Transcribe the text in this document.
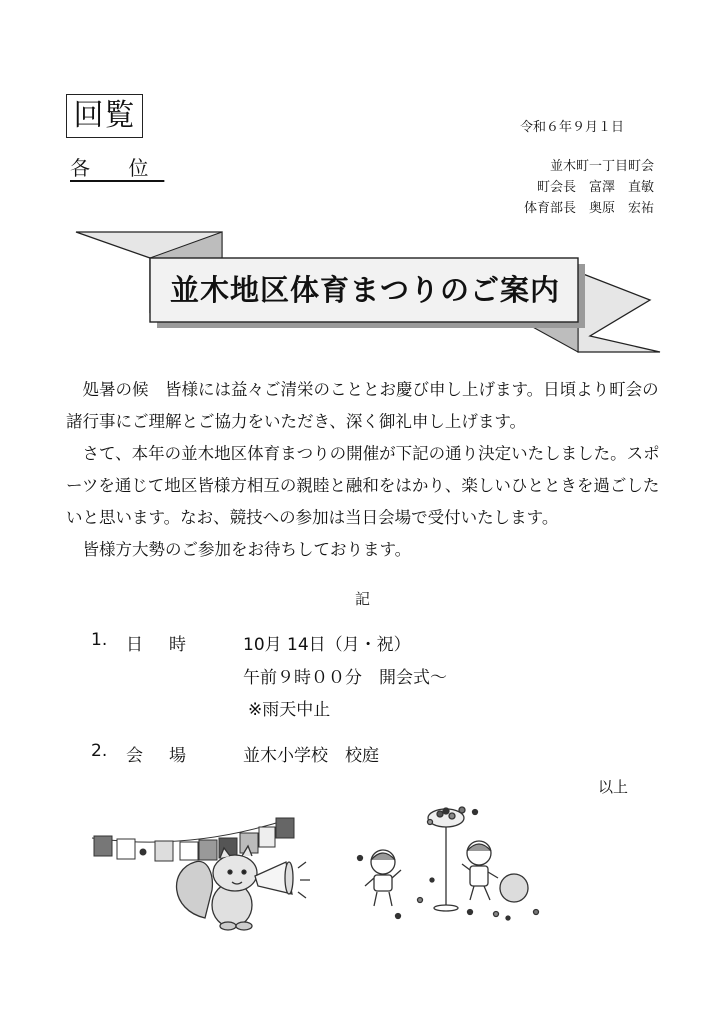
回覧
各 位
令和６年９月１日
並木町一丁目町会
町会長　富澤　直敏
体育部長　奥原　宏祐
並木地区体育まつりのご案内

処暑の候　皆様には益々ご清栄のこととお慶び申し上げます。日頃より町会の諸行事にご理解とご協力をいただき、深く御礼申し上げます。

さて、本年の並木地区体育まつりの開催が下記の通り決定いたしました。スポーツを通じて地区皆様方相互の親睦と融和をはかり、楽しいひとときを過ごしたいと思います。なお、競技への参加は当日会場で受付いたします。

皆様方大勢のご参加をお待ちしております。

記
1. 日時 10月 14日（月・祝）
午前９時００分　開会式～
※雨天中止
2. 会場 並木小学校　校庭
以上
